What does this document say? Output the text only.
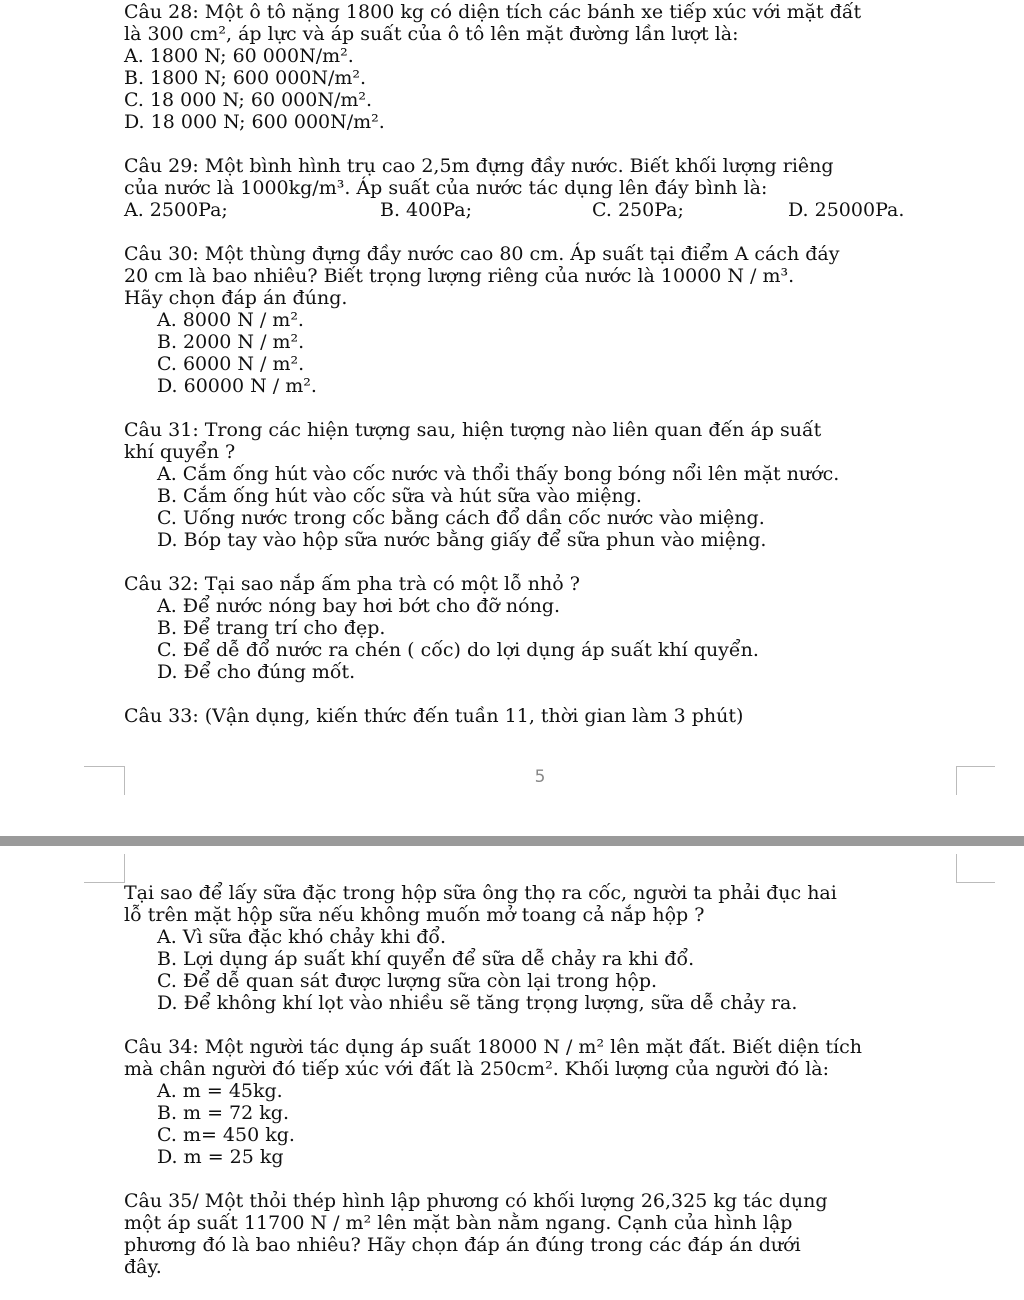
Câu 28: Một ô tô nặng 1800 kg có diện tích các bánh xe tiếp xúc với mặt đất

là 300 cm², áp lực và áp suất của ô tô lên mặt đường lần lượt là:

A. 1800 N; 60 000N/m².

B. 1800 N; 600 000N/m².

C. 18 000 N; 60 000N/m².

D. 18 000 N; 600 000N/m².

Câu 29: Một bình hình trụ cao 2,5m đựng đầy nước. Biết khối lượng riêng

của nước là 1000kg/m³. Áp suất của nước tác dụng lên đáy bình là:

A. 2500Pa;	B. 400Pa;	C. 250Pa;	D. 25000Pa.

Câu 30: Một thùng đựng đầy nước cao 80 cm. Áp suất tại điểm A cách đáy

20 cm là bao nhiêu? Biết trọng lượng riêng của nước là 10000 N / m³.

Hãy chọn đáp án đúng.

A. 8000 N / m².

B. 2000 N / m².

C. 6000 N / m².

D. 60000 N / m².

Câu 31: Trong các hiện tượng sau, hiện tượng nào liên quan đến áp suất

khí quyển ?

A. Cắm ống hút vào cốc nước và thổi thấy bong bóng nổi lên mặt nước.

B. Cắm ống hút vào cốc sữa và hút sữa vào miệng.

C. Uống nước trong cốc bằng cách đổ dần cốc nước vào miệng.

D. Bóp tay vào hộp sữa nước bằng giấy để sữa phun vào miệng.

Câu 32: Tại sao nắp ấm pha trà có một lỗ nhỏ ?

A. Để nước nóng bay hơi bớt cho đỡ nóng.

B. Để trang trí cho đẹp.

C. Để dễ đổ nước ra chén ( cốc) do lợi dụng áp suất khí quyển.

D. Để cho đúng mốt.

Câu 33: (Vận dụng, kiến thức đến tuần 11, thời gian làm 3 phút)

5

Tại sao để lấy sữa đặc trong hộp sữa ông thọ ra cốc, người ta phải đục hai

lỗ trên mặt hộp sữa nếu không muốn mở toang cả nắp hộp ?

A. Vì sữa đặc khó chảy khi đổ.

B. Lợi dụng áp suất khí quyển để sữa dễ chảy ra khi đổ.

C. Để dễ quan sát được lượng sữa còn lại trong hộp.

D. Để không khí lọt vào nhiều sẽ tăng trọng lượng, sữa dễ chảy ra.

Câu 34: Một người tác dụng áp suất 18000 N / m² lên mặt đất. Biết diện tích

mà chân người đó tiếp xúc với đất là 250cm². Khối lượng của người đó là:

A. m = 45kg.

B. m = 72 kg.

C. m= 450 kg.

D. m = 25 kg

Câu 35/ Một thỏi thép hình lập phương có khối lượng 26,325 kg tác dụng

một áp suất 11700 N / m² lên mặt bàn nằm ngang. Cạnh của hình lập

phương đó là bao nhiêu? Hãy chọn đáp án đúng trong các đáp án dưới

đây.
